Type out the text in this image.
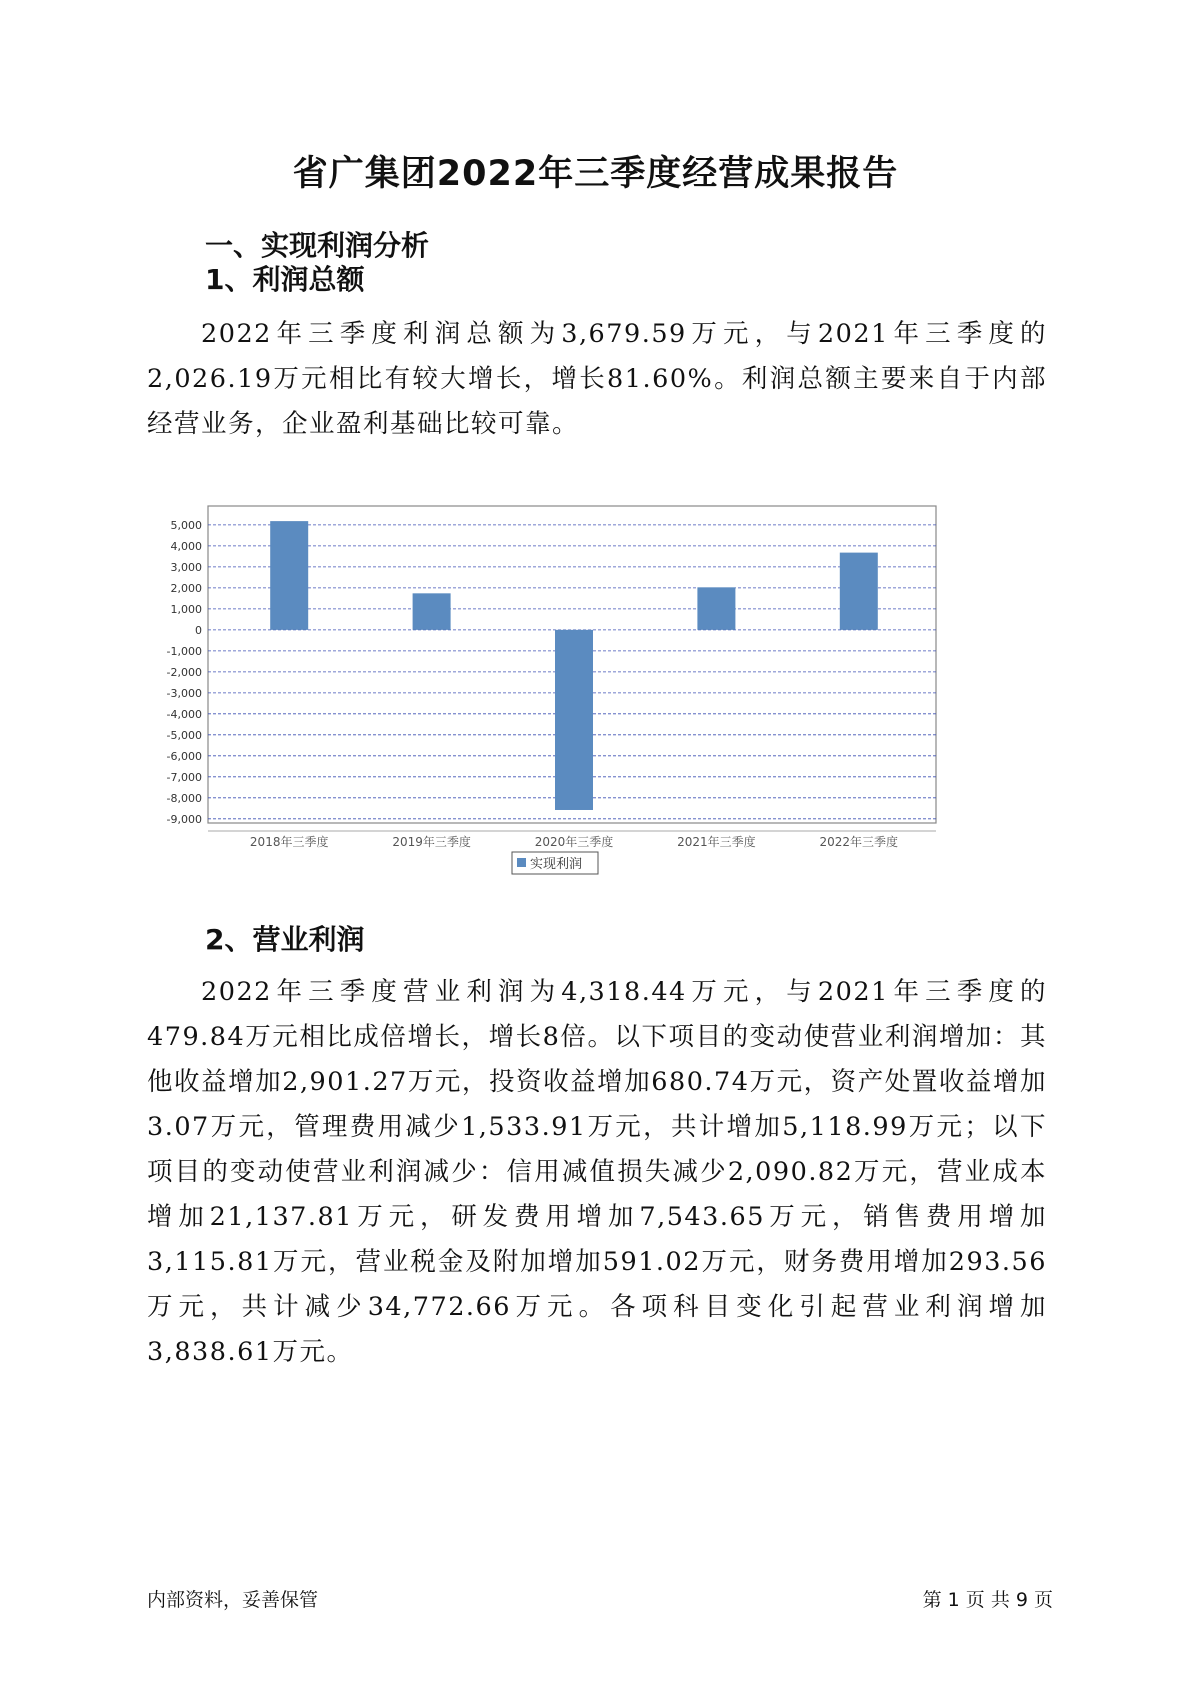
省广集团2022年三季度经营成果报告
一、实现利润分析
1、利润总额

2022年三季度利润总额为3,679.59万元，与2021年三季度的2,026.19万元相比有较大增长，增长81.60%。利润总额主要来自于内部经营业务，企业盈利基础比较可靠。

5,000
4,000
3,000
2,000
1,000
0
-1,000
-2,000
-3,000
-4,000
-5,000
-6,000
-7,000
-8,000
-9,000
2018年三季度	2019年三季度	2020年三季度	2021年三季度	2022年三季度
实现利润
2、营业利润

2022年三季度营业利润为4,318.44万元，与2021年三季度的479.84万元相比成倍增长，增长8倍。以下项目的变动使营业利润增加：其他收益增加2,901.27万元，投资收益增加680.74万元，资产处置收益增加3.07万元，管理费用减少1,533.91万元，共计增加5,118.99万元；以下项目的变动使营业利润减少：信用减值损失减少2,090.82万元，营业成本增加21,137.81万元，研发费用增加7,543.65万元，销售费用增加3,115.81万元，营业税金及附加增加591.02万元，财务费用增加293.56万元，共计减少34,772.66万元。各项科目变化引起营业利润增加3,838.61万元。

内部资料，妥善保管	第 1 页 共 9 页
